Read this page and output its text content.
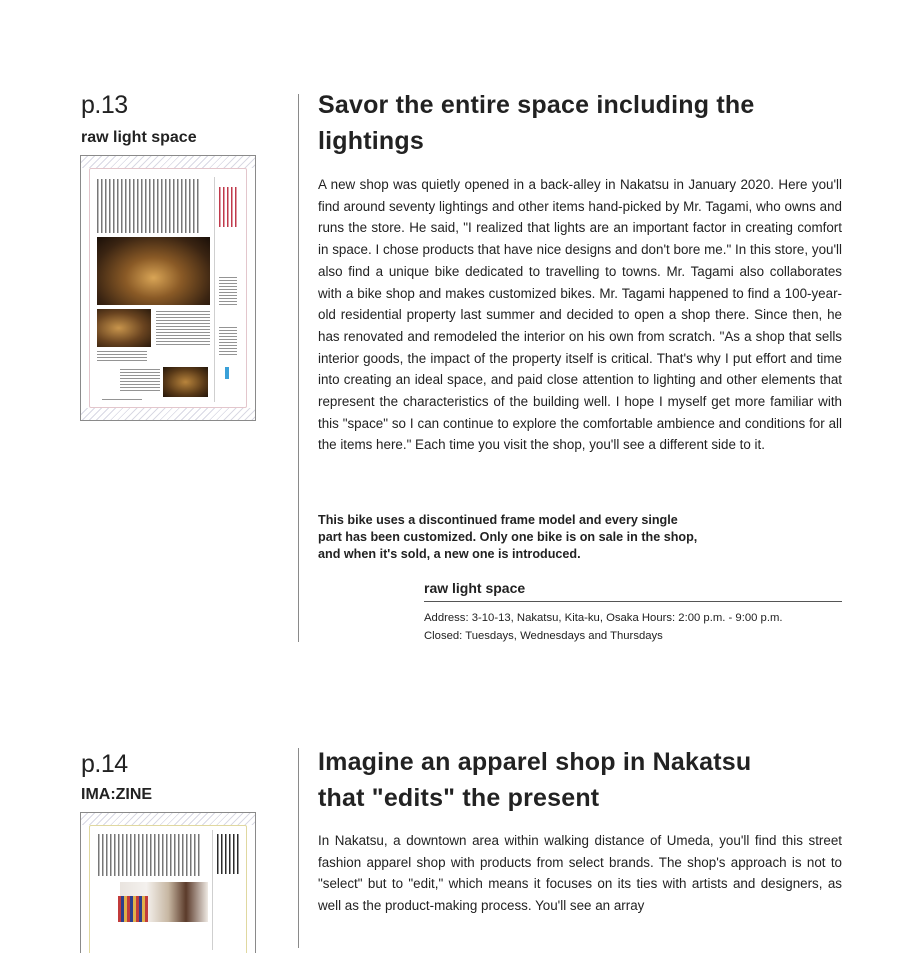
p.13
raw light space
Savor the entire space including the
lightings

A new shop was quietly opened in a back-alley in Nakatsu in January 2020. Here you'll find around seventy lightings and other items hand-picked by Mr. Tagami, who owns and runs the store. He said, "I realized that lights are an important factor in creating comfort in space. I chose products that have nice designs and don't bore me." In this store, you'll also find a unique bike dedicated to travelling to towns. Mr. Tagami also collaborates with a bike shop and makes customized bikes. Mr. Tagami happened to find a 100-year-old residential property last summer and decided to open a shop there. Since then, he has renovated and remodeled the interior on his own from scratch. "As a shop that sells interior goods, the impact of the property itself is critical. That's why I put effort and time into creating an ideal space, and paid close attention to lighting and other elements that represent the characteristics of the building well. I hope I myself get more familiar with this "space" so I can continue to explore the comfortable ambience and conditions for all the items here." Each time you visit the shop, you'll see a different side to it.

This bike uses a discontinued frame model and every single
part has been customized. Only one bike is on sale in the shop,
and when it's sold, a new one is introduced.
raw light space
Address: 3-10-13, Nakatsu, Kita-ku, Osaka Hours: 2:00 p.m. - 9:00 p.m.
Closed: Tuesdays, Wednesdays and Thursdays
p.14
IMA:ZINE
Imagine an apparel shop in Nakatsu
that "edits" the present

In Nakatsu, a downtown area within walking distance of Umeda, you'll find this street fashion apparel shop with products from select brands. The shop's approach is not to "select" but to "edit," which means it focuses on its ties with artists and designers, as well as the product-making process. You'll see an array
